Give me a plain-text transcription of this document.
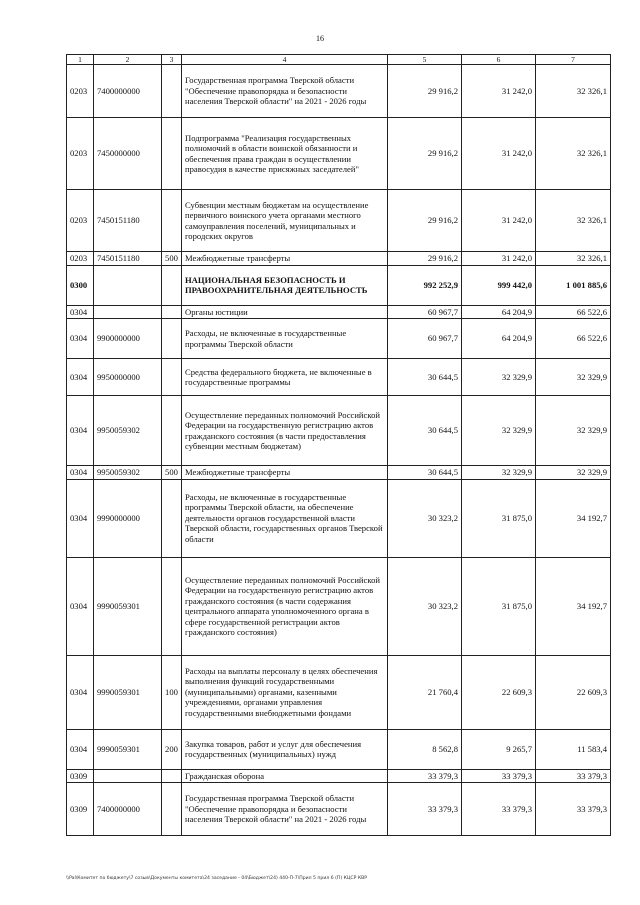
16
1	2	3	4	5	6	7
0203	7400000000		Государственная программа Тверской области "Обеспечение правопорядка и безопасности населения Тверской области" на 2021 - 2026 годы	29 916,2	31 242,0	32 326,1
0203	7450000000		Подпрограмма "Реализация государственных полномочий в области воинской обязанности и обеспечения права граждан в осуществлении правосудия в качестве присяжных заседателей"	29 916,2	31 242,0	32 326,1
0203	7450151180		Субвенции местным бюджетам на осуществление первичного воинского учета органами местного самоуправления поселений, муниципальных и городских округов	29 916,2	31 242,0	32 326,1
0203	7450151180	500	Межбюджетные трансферты	29 916,2	31 242,0	32 326,1
0300			НАЦИОНАЛЬНАЯ БЕЗОПАСНОСТЬ И ПРАВООХРАНИТЕЛЬНАЯ ДЕЯТЕЛЬНОСТЬ	992 252,9	999 442,0	1 001 885,6
0304			Органы юстиции	60 967,7	64 204,9	66 522,6
0304	9900000000		Расходы, не включенные в государственные программы Тверской области	60 967,7	64 204,9	66 522,6
0304	9950000000		Средства федерального бюджета, не включенные в государственные программы	30 644,5	32 329,9	32 329,9
0304	9950059302		Осуществление переданных полномочий Российской Федерации на государственную регистрацию актов гражданского состояния (в части предоставления субвенции местным бюджетам)	30 644,5	32 329,9	32 329,9
0304	9950059302	500	Межбюджетные трансферты	30 644,5	32 329,9	32 329,9
0304	9990000000		Расходы, не включенные в государственные программы Тверской области, на обеспечение деятельности органов государственной власти Тверской области, государственных органов Тверской области	30 323,2	31 875,0	34 192,7
0304	9990059301		Осуществление переданных полномочий Российской Федерации на государственную регистрацию актов гражданского состояния (в части содержания центрального аппарата уполномоченного органа в сфере государственной регистрации актов гражданского состояния)	30 323,2	31 875,0	34 192,7
0304	9990059301	100	Расходы на выплаты персоналу в целях обеспечения выполнения функций государственными (муниципальными) органами, казенными учреждениями, органами управления государственными внебюджетными фондами	21 760,4	22 609,3	22 609,3
0304	9990059301	200	Закупка товаров, работ и услуг для обеспечения государственных (муниципальных) нужд	8 562,8	9 265,7	11 583,4
0309			Гражданская оборона	33 379,3	33 379,3	33 379,3
0309	7400000000		Государственная программа Тверской области "Обеспечение правопорядка и безопасности населения Тверской области" на 2021 - 2026 годы	33 379,3	33 379,3	33 379,3
\\Pal\Комитет по бюджету\7 созыв\Документы комитета\24 заседание - 04\Бюджет\24) 440-П-7\Прил 5 прил 6 (П) КЦСР КВР
